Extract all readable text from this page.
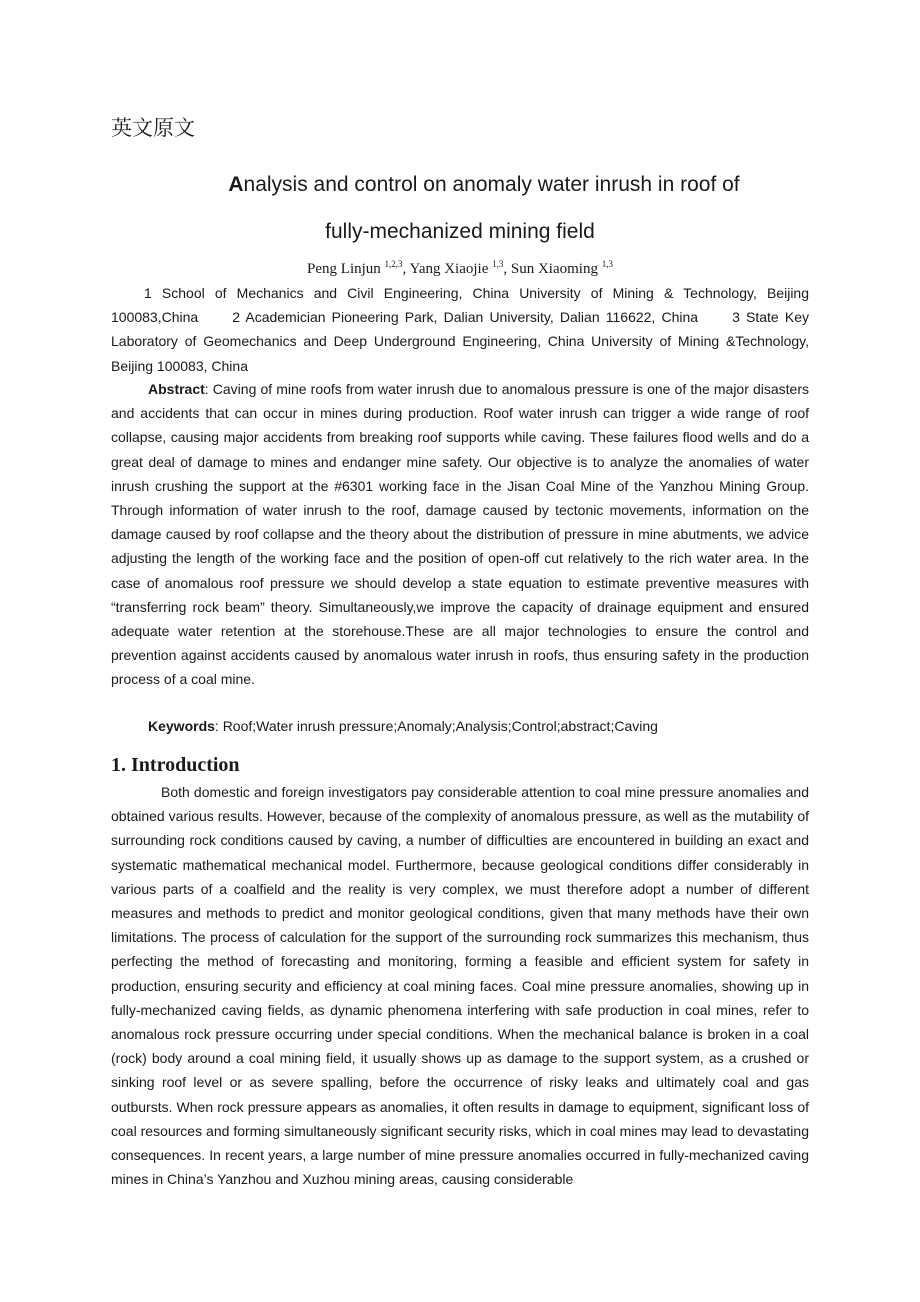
英文原文
Analysis and control on anomaly water inrush in roof of
fully-mechanized mining field
Peng Linjun $^{1,2,3}$, Yang Xiaojie $^{1,3}$, Sun Xiaoming $^{1,3}$
1 School of Mechanics and Civil Engineering, China University of Mining & Technology, Beijing 100083,China 2 Academician Pioneering Park, Dalian University, Dalian 116622, China 3 State Key Laboratory of Geomechanics and Deep Underground Engineering, China University of Mining &Technology, Beijing 100083, China
Abstract: Caving of mine roofs from water inrush due to anomalous pressure is one of the major disasters and accidents that can occur in mines during production. Roof water inrush can trigger a wide range of roof collapse, causing major accidents from breaking roof supports while caving. These failures flood wells and do a great deal of damage to mines and endanger mine safety. Our objective is to analyze the anomalies of water inrush crushing the support at the #6301 working face in the Jisan Coal Mine of the Yanzhou Mining Group. Through information of water inrush to the roof, damage caused by tectonic movements, information on the damage caused by roof collapse and the theory about the distribution of pressure in mine abutments, we advice adjusting the length of the working face and the position of open-off cut relatively to the rich water area. In the case of anomalous roof pressure we should develop a state equation to estimate preventive measures with “transferring rock beam” theory. Simultaneously,we improve the capacity of drainage equipment and ensured adequate water retention at the storehouse.These are all major technologies to ensure the control and prevention against accidents caused by anomalous water inrush in roofs, thus ensuring safety in the production process of a coal mine.
Keywords: Roof;Water inrush pressure;Anomaly;Analysis;Control;abstract;Caving
1. Introduction
Both domestic and foreign investigators pay considerable attention to coal mine pressure anomalies and obtained various results. However, because of the complexity of anomalous pressure, as well as the mutability of surrounding rock conditions caused by caving, a number of difficulties are encountered in building an exact and systematic mathematical mechanical model. Furthermore, because geological conditions differ considerably in various parts of a coalfield and the reality is very complex, we must therefore adopt a number of different measures and methods to predict and monitor geological conditions, given that many methods have their own limitations. The process of calculation for the support of the surrounding rock summarizes this mechanism, thus perfecting the method of forecasting and monitoring, forming a feasible and efficient system for safety in production, ensuring security and efficiency at coal mining faces. Coal mine pressure anomalies, showing up in fully-mechanized caving fields, as dynamic phenomena interfering with safe production in coal mines, refer to anomalous rock pressure occurring under special conditions. When the mechanical balance is broken in a coal (rock) body around a coal mining field, it usually shows up as damage to the support system, as a crushed or sinking roof level or as severe spalling, before the occurrence of risky leaks and ultimately coal and gas outbursts. When rock pressure appears as anomalies, it often results in damage to equipment, significant loss of coal resources and forming simultaneously significant security risks, which in coal mines may lead to devastating consequences. In recent years, a large number of mine pressure anomalies occurred in fully-mechanized caving mines in China’s Yanzhou and Xuzhou mining areas, causing considerable
